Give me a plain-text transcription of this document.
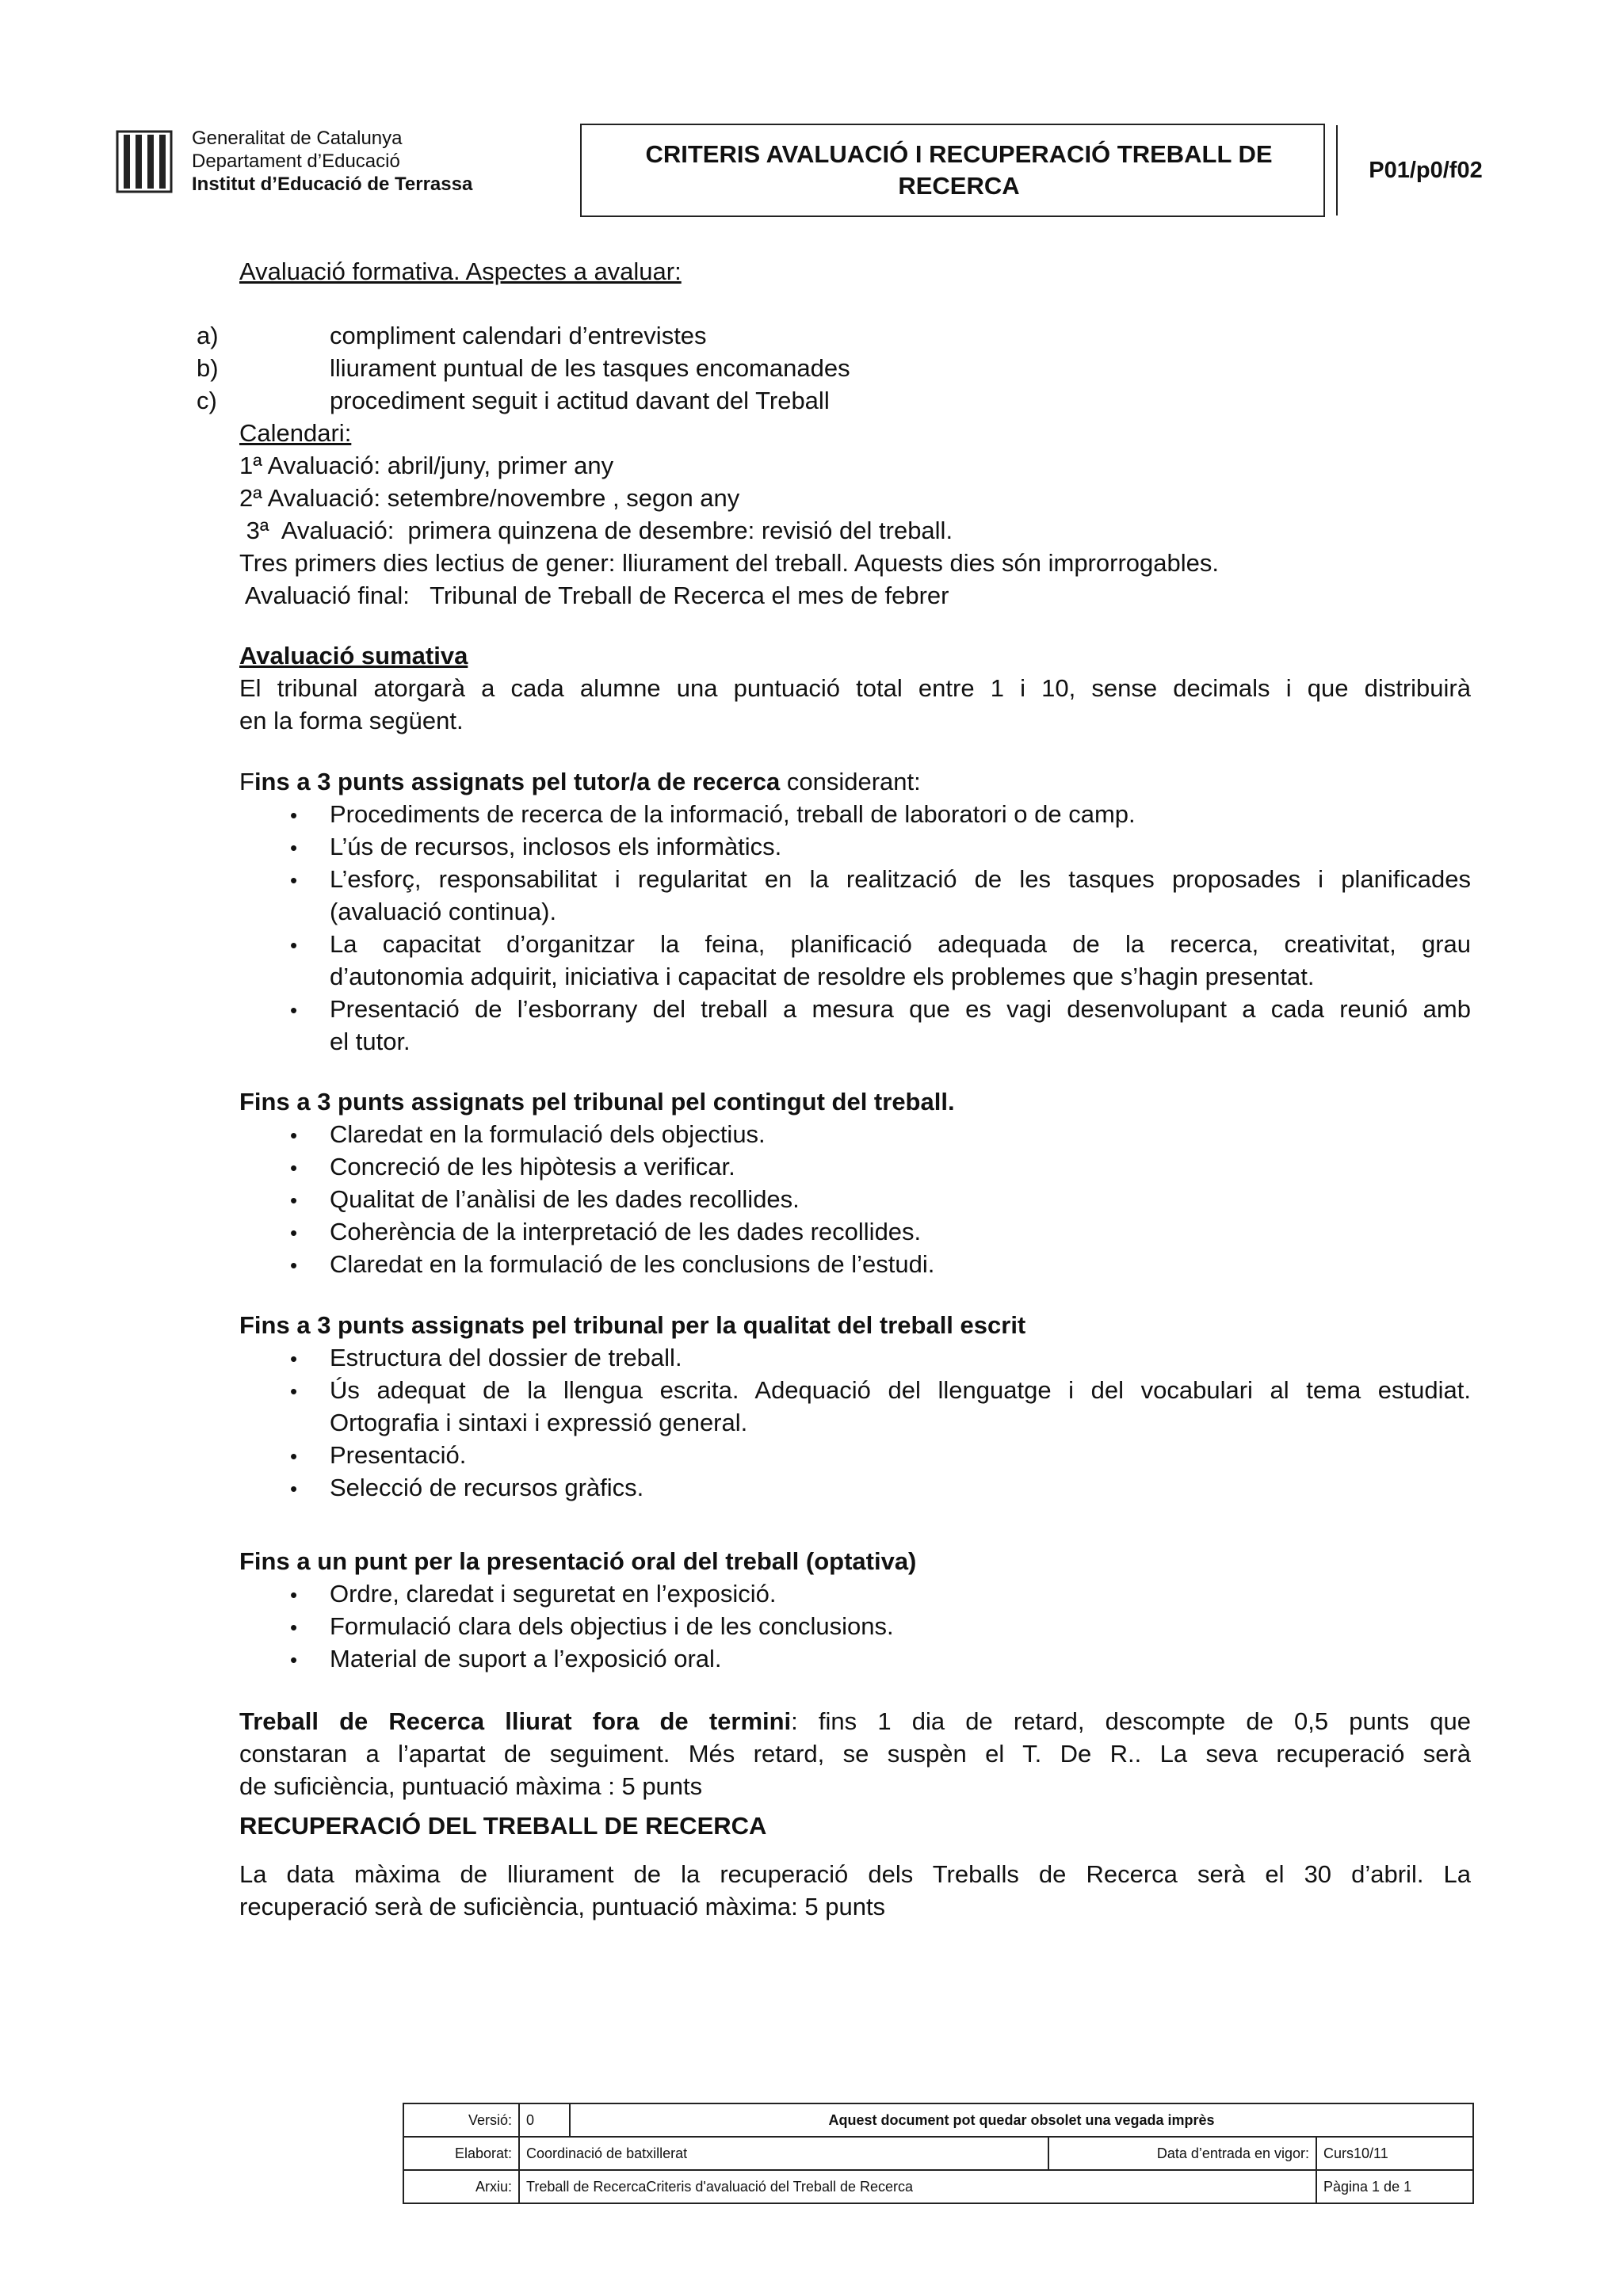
Generalitat de Catalunya
Departament d’Educació
Institut d’Educació de Terrassa
CRITERIS AVALUACIÓ I RECUPERACIÓ TREBALL DE RECERCA
P01/p0/f02
Avaluació formativa. Aspectes a avaluar:
a)	compliment calendari d’entrevistes
b)	lliurament puntual de les tasques encomanades
c)	procediment seguit i actitud davant del Treball
Calendari:
1ª Avaluació: abril/juny, primer any
2ª Avaluació: setembre/novembre , segon any
3ª  Avaluació:  primera quinzena de desembre: revisió del treball.
Tres primers dies lectius de gener: lliurament del treball. Aquests dies són improrrogables.
Avaluació final:   Tribunal de Treball de Recerca el mes de febrer
Avaluació sumativa
El tribunal atorgarà a cada alumne una puntuació total entre 1 i 10, sense decimals i que distribuirà
en la forma següent.
Fins a 3 punts assignats pel tutor/a de recerca considerant:
• Procediments de recerca de la informació, treball de laboratori o de camp.
• L’ús de recursos, inclosos els informàtics.
• L’esforç, responsabilitat i regularitat en la realització de les tasques proposades i planificades
(avaluació continua).
• La capacitat d’organitzar la feina, planificació adequada de la recerca, creativitat, grau
d’autonomia adquirit, iniciativa i capacitat de resoldre els problemes que s’hagin presentat.
• Presentació de l’esborrany del treball a mesura que es vagi desenvolupant a cada reunió amb
el tutor.
Fins a 3 punts assignats pel tribunal pel contingut del treball.
• Claredat en la formulació dels objectius.
• Concreció de les hipòtesis a verificar.
• Qualitat de l’anàlisi de les dades recollides.
• Coherència de la interpretació de les dades recollides.
• Claredat en la formulació de les conclusions de l’estudi.
Fins a 3 punts assignats pel tribunal per la qualitat del treball escrit
• Estructura del dossier de treball.
• Ús adequat de la llengua escrita. Adequació del llenguatge i del vocabulari al tema estudiat.
Ortografia i sintaxi i expressió general.
• Presentació.
• Selecció de recursos gràfics.
Fins a un punt per la presentació oral del treball (optativa)
• Ordre, claredat i seguretat en l’exposició.
• Formulació clara dels objectius i de les conclusions.
• Material de suport a l’exposició oral.
Treball de Recerca lliurat fora de termini: fins 1 dia de retard, descompte de 0,5 punts que
constaran a l’apartat de seguiment. Més retard, se suspèn el T. De R.. La seva recuperació serà
de suficiència, puntuació màxima : 5 punts
RECUPERACIÓ DEL TREBALL DE RECERCA
La data màxima de lliurament de la recuperació dels Treballs de Recerca serà el 30 d’abril. La
recuperació serà de suficiència, puntuació màxima: 5 punts
Versió:	0	Aquest document pot quedar obsolet una vegada imprès		
Elaborat:	Coordinació de batxillerat		Data d’entrada en vigor:	Curs10/11
Arxiu:	Treball de RecercaCriteris d'avaluació del Treball de Recerca			Pàgina 1 de 1
